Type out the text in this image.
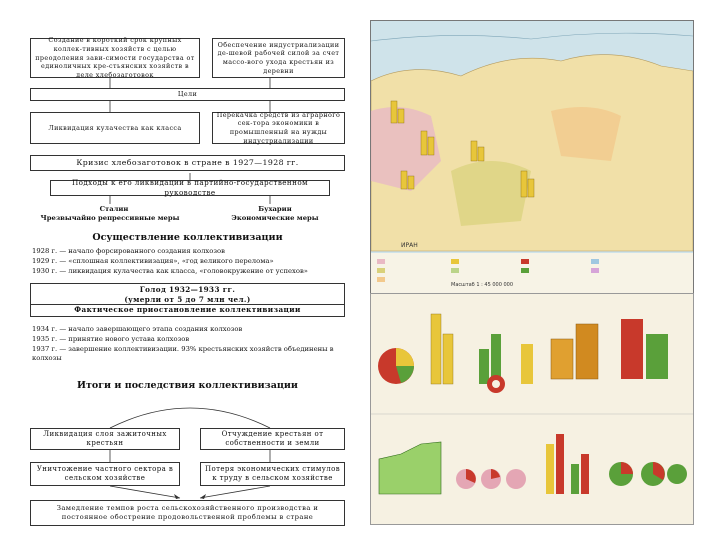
Создание в короткий срок крупных коллек-тивных хозяйств с целью преодоления зави-симости государства от единоличных кре-стьянских хозяйств в деле хлебозаготовок
Обеспечение индустриализации де-шевой рабочей силой за счет массо-вого ухода крестьян из деревни
Цели
Ликвидация кулачества как класса
Перекачка средств из аграрного сек-тора экономики в промышленный на нужды индустриализации
Кризис хлебозаготовок в стране в 1927—1928 гг.
Подходы к его ликвидации в партийно-государственном руководстве
Сталин
Чрезвычайно репрессивные меры
Бухарин
Экономические меры
Осуществление коллективизации
1928 г. — начало форсированного создания колхозов
1929 г. — «сплошная коллективизация», «год великого перелома»
1930 г. — ликвидация кулачества как класса, «головокружение от успехов»
Голод 1932—1933 гг.
(умерли от 5 до 7 млн чел.)
Фактическое приостановление коллективизации
1934 г. — начало завершающего этапа создания колхозов
1935 г. — принятие нового устава колхозов
1937 г. — завершение коллективизации. 93% крестьянских хозяйств объединены в колхозы
Итоги и последствия коллективизации
Ликвидация слоя зажиточных крестьян
Отчуждение крестьян от собственности и земли
Уничтожение частного сектора в сельском хозяйстве
Потеря экономических стимулов к труду в сельском хозяйстве
Замедление темпов роста сельскохозяйственного производства и постоянное обострение продовольственной проблемы в стране
ИРАН
Масштаб 1 : 45 000 000
